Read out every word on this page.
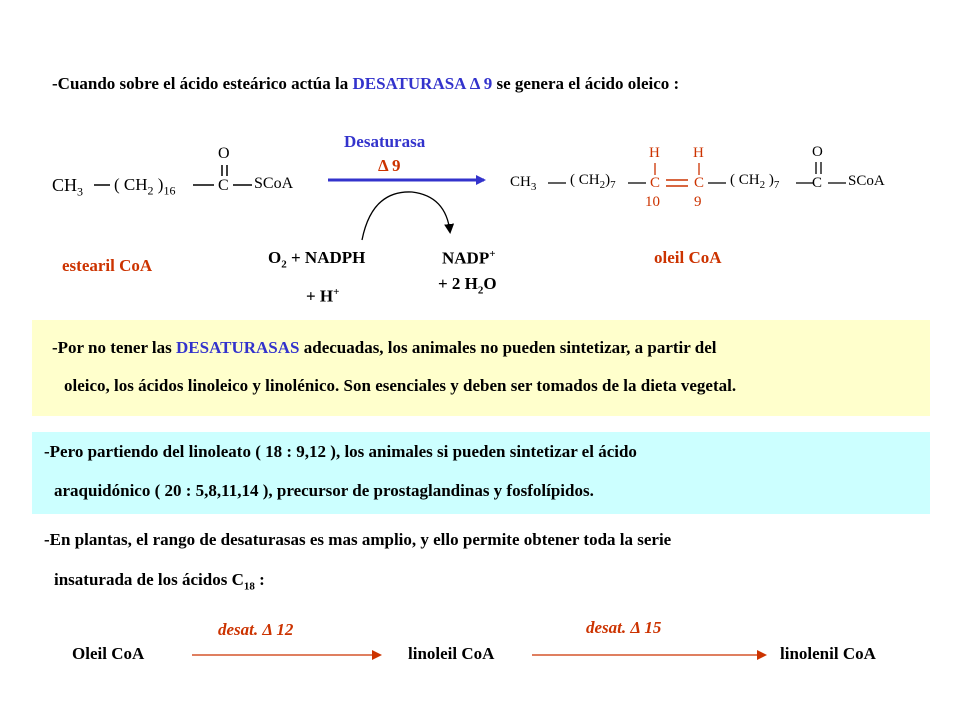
-Cuando sobre el ácido esteárico actúa la DESATURASA Δ 9 se genera el ácido oleico :
Desaturasa
Δ 9
$CH_3$ ( $CH_2$ )$_{16}$
O
C SCoA	$CH_3$ ( $CH_2)_7$
H
C
10
H
C
9
( $CH_2$ )$_7$
O
C SCoA
estearil CoA	oleil CoA
$O_2$ + NADPH
+ H+
NADP+
+ 2 $H_2O$
-Por no tener las DESATURASAS adecuadas, los animales no pueden sintetizar, a partir del
oleico, los ácidos linoleico y linolénico. Son esenciales y deben ser tomados de la dieta vegetal.
-Pero partiendo del linoleato ( 18 : 9,12 ), los animales si pueden sintetizar el ácido
araquidónico ( 20 : 5,8,11,14 ), precursor de prostaglandinas y fosfolípidos.
-En plantas, el rango de desaturasas es mas amplio, y ello permite obtener toda la serie
insaturada de los ácidos $C_{18}$ :
Oleil CoA	linoleil CoA	linolenil CoA
desat. Δ 12	desat. Δ 15
